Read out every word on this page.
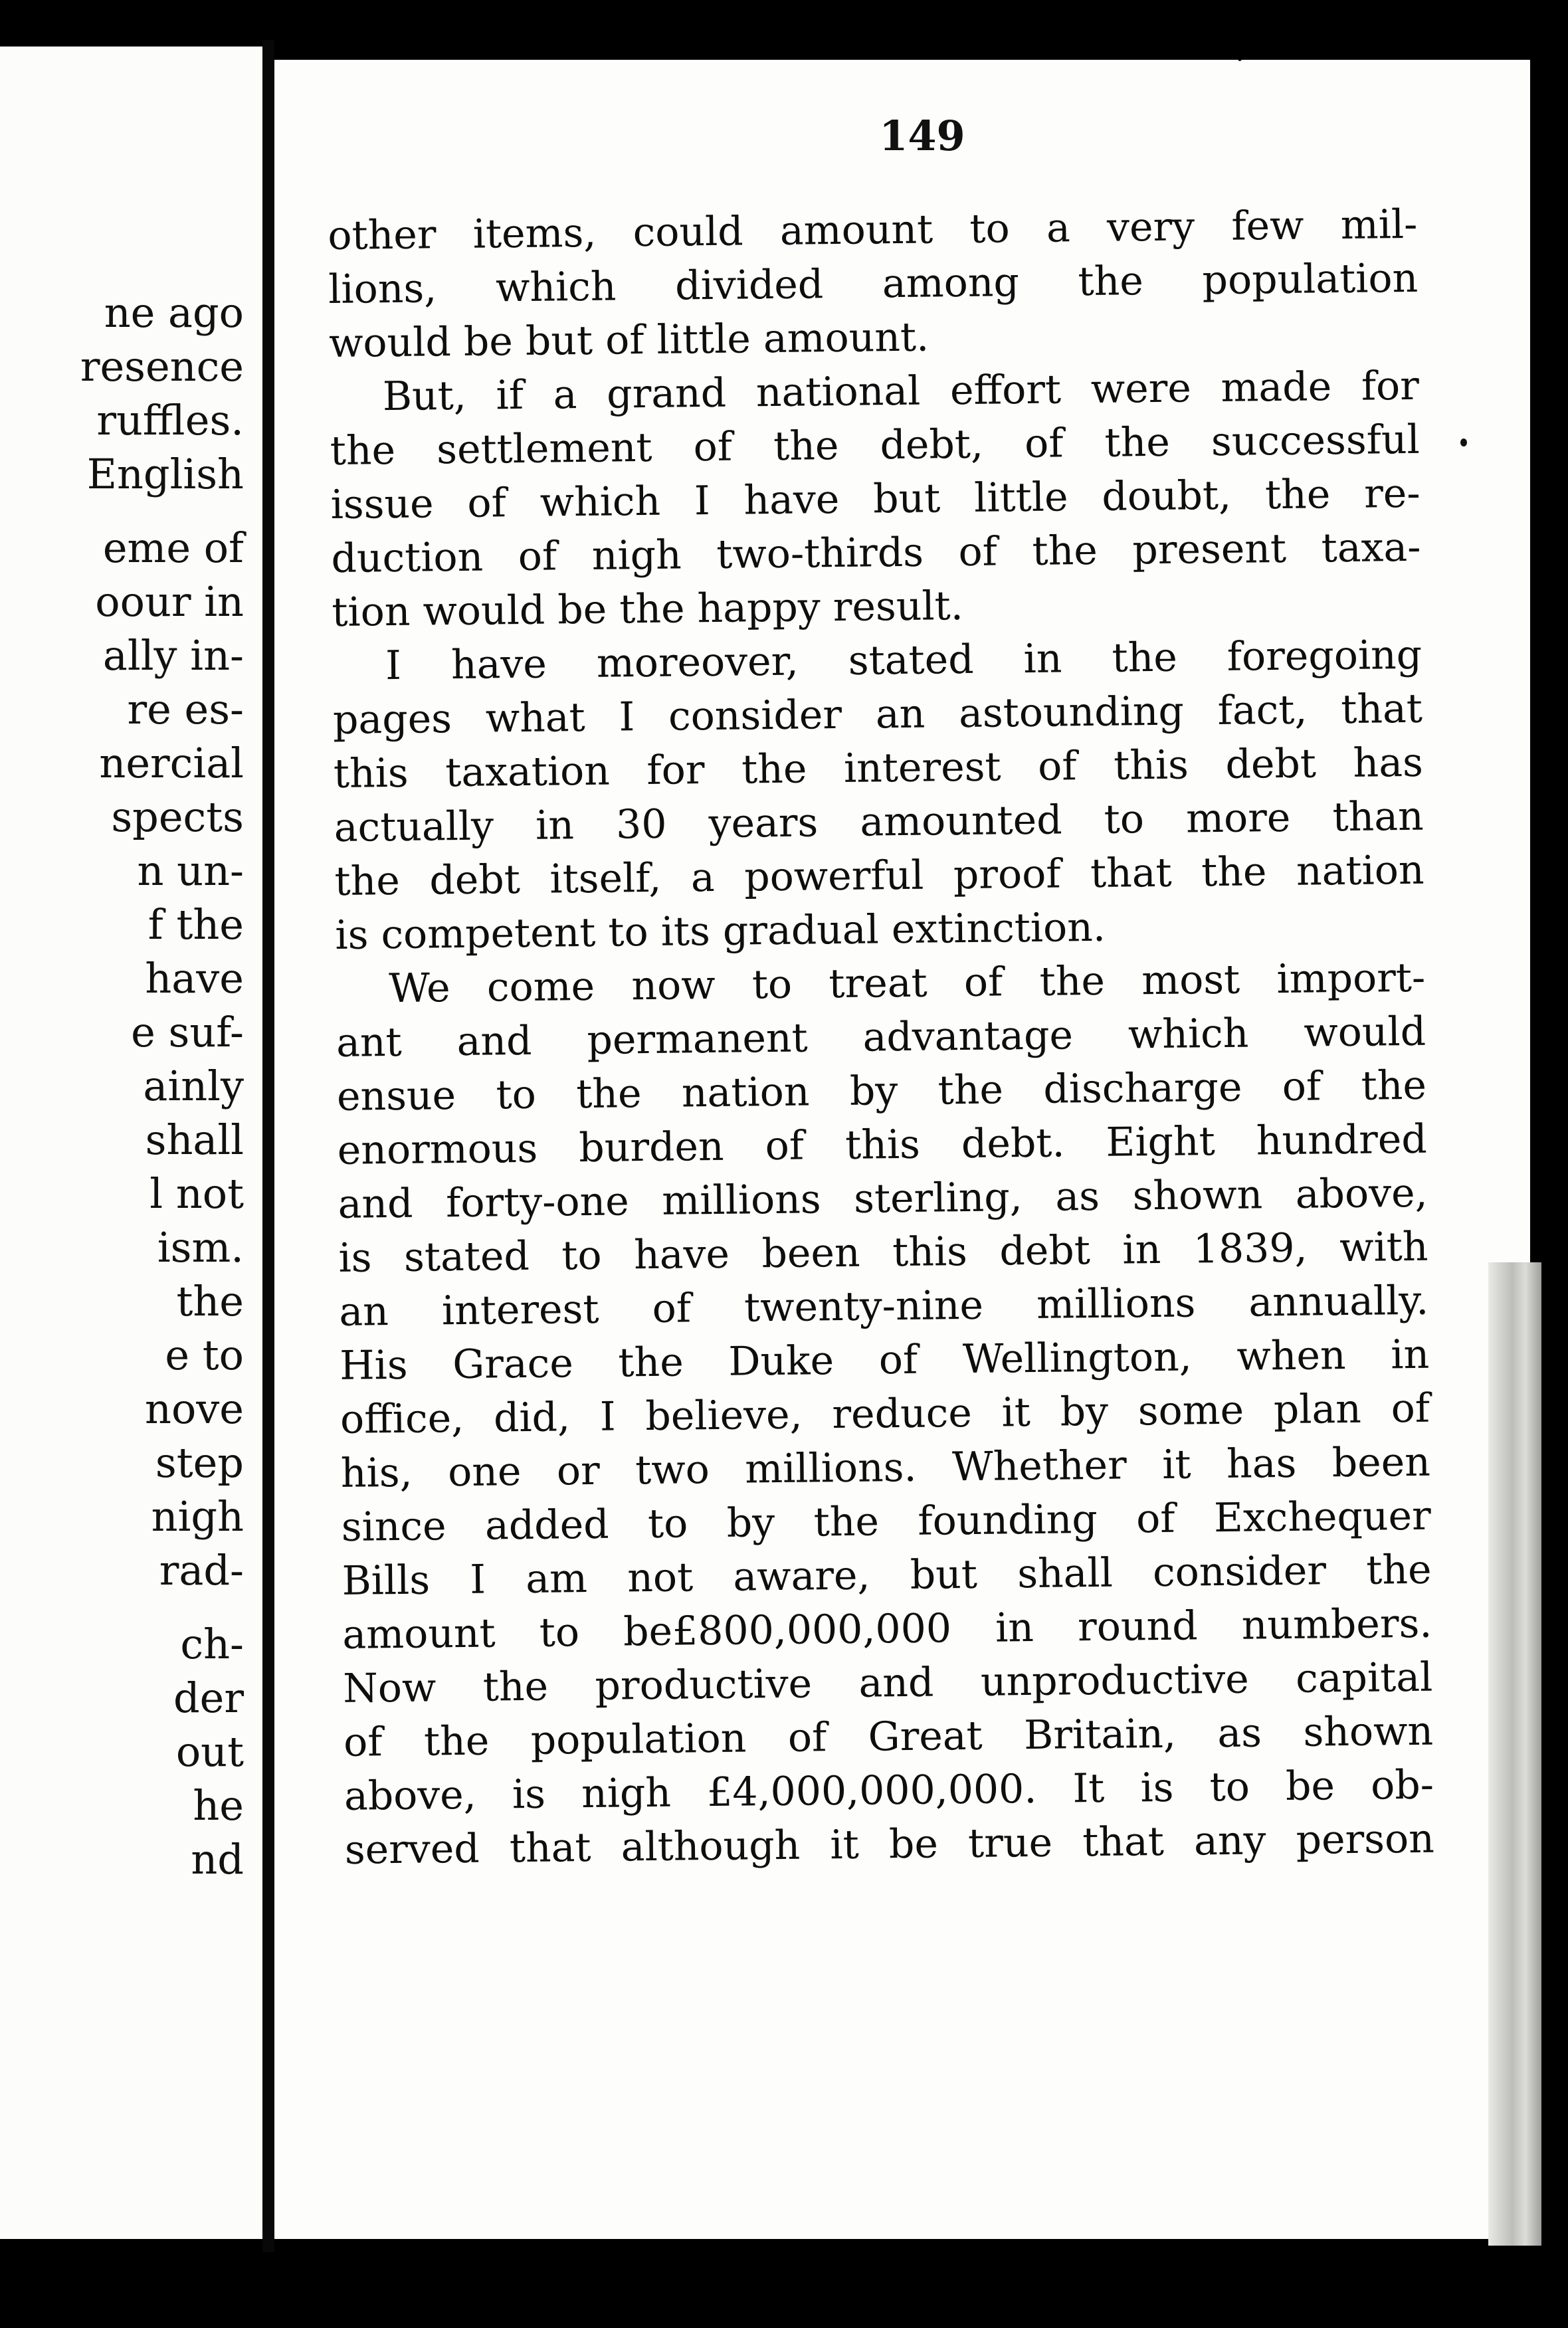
ne ago
resence
ruffles.
English
eme of
oour in
ally in-
re es-
nercial
spects
n un-
f the
have
e suf-
ainly
shall
l not
ism.
the
e to
nove
step
nigh
rad-
ch-
der
out
he
nd
149
other items, could amount to a very few mil-
lions, which divided among the population
would be but of little amount.
But, if a grand national effort were made for
the settlement of the debt, of the successful
issue of which I have but little doubt, the re-
duction of nigh two-thirds of the present taxa-
tion would be the happy result.
I have moreover, stated in the foregoing
pages what I consider an astounding fact, that
this taxation for the interest of this debt has
actually in 30 years amounted to more than
the debt itself, a powerful proof that the nation
is competent to its gradual extinction.
We come now to treat of the most import-
ant and permanent advantage which would
ensue to the nation by the discharge of the
enormous burden of this debt. Eight hundred
and forty-one millions sterling, as shown above,
is stated to have been this debt in 1839, with
an interest of twenty-nine millions annually.
His Grace the Duke of Wellington, when in
office, did, I believe, reduce it by some plan of
his, one or two millions. Whether it has been
since added to by the founding of Exchequer
Bills I am not aware, but shall consider the
amount to be£800,000,000 in round numbers.
Now the productive and unproductive capital
of the population of Great Britain, as shown
above, is nigh £4,000,000,000. It is to be ob-
served that although it be true that any person
